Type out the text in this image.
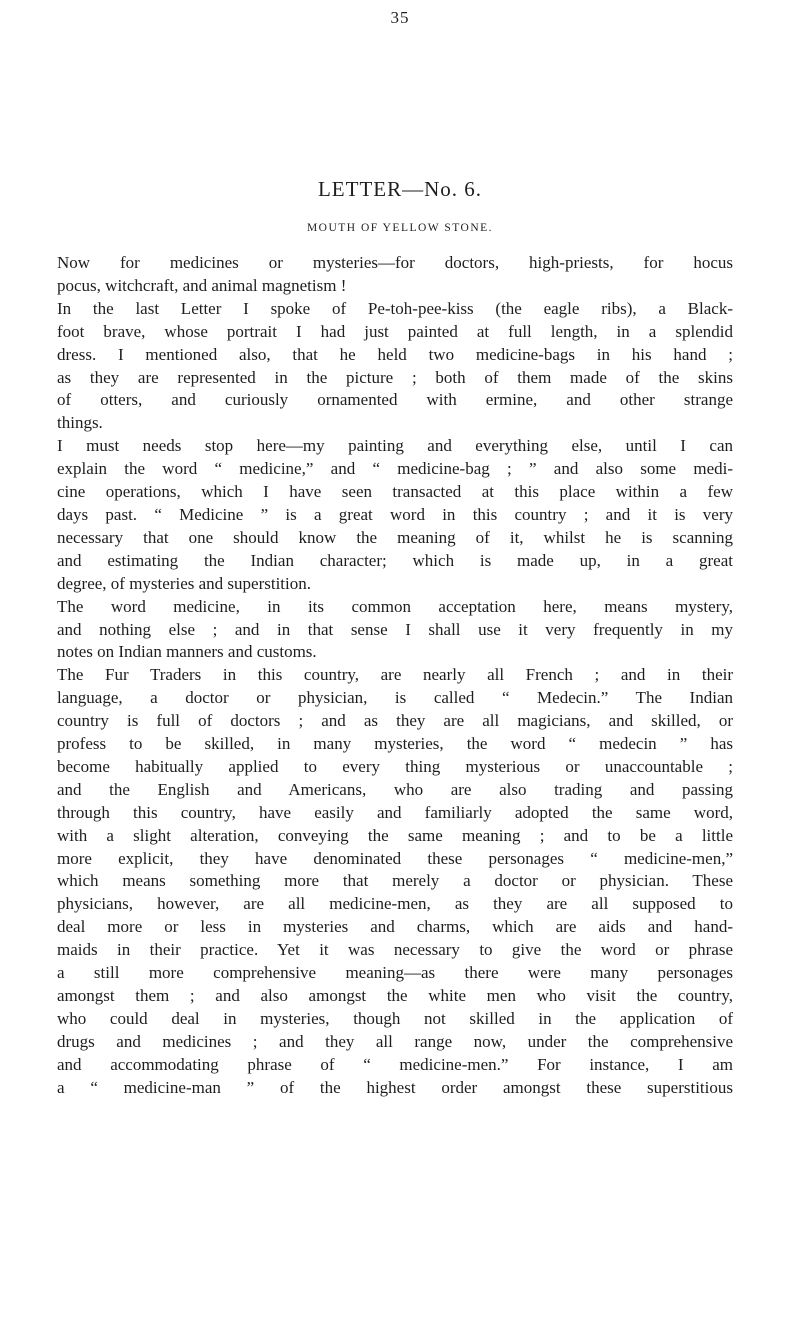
35
LETTER—No. 6.
MOUTH OF YELLOW STONE.
Now for medicines or mysteries—for doctors, high-priests, for hocus
pocus, witchcraft, and animal magnetism !
In the last Letter I spoke of Pe-toh-pee-kiss (the eagle ribs), a Black-
foot brave, whose portrait I had just painted at full length, in a splendid
dress. I mentioned also, that he held two medicine-bags in his hand ;
as they are represented in the picture ; both of them made of the skins
of otters, and curiously ornamented with ermine, and other strange
things.
I must needs stop here—my painting and everything else, until I can
explain the word “ medicine,” and “ medicine-bag ; ” and also some medi-
cine operations, which I have seen transacted at this place within a few
days past. “ Medicine ” is a great word in this country ; and it is very
necessary that one should know the meaning of it, whilst he is scanning
and estimating the Indian character; which is made up, in a great
degree, of mysteries and superstition.
The word medicine, in its common acceptation here, means mystery,
and nothing else ; and in that sense I shall use it very frequently in my
notes on Indian manners and customs.
The Fur Traders in this country, are nearly all French ; and in their
language, a doctor or physician, is called “ Medecin.” The Indian
country is full of doctors ; and as they are all magicians, and skilled, or
profess to be skilled, in many mysteries, the word “ medecin ” has
become habitually applied to every thing mysterious or unaccountable ;
and the English and Americans, who are also trading and passing
through this country, have easily and familiarly adopted the same word,
with a slight alteration, conveying the same meaning ; and to be a little
more explicit, they have denominated these personages “ medicine-men,”
which means something more that merely a doctor or physician. These
physicians, however, are all medicine-men, as they are all supposed to
deal more or less in mysteries and charms, which are aids and hand-
maids in their practice. Yet it was necessary to give the word or phrase
a still more comprehensive meaning—as there were many personages
amongst them ; and also amongst the white men who visit the country,
who could deal in mysteries, though not skilled in the application of
drugs and medicines ; and they all range now, under the comprehensive
and accommodating phrase of “ medicine-men.” For instance, I am
a “ medicine-man ” of the highest order amongst these superstitious
